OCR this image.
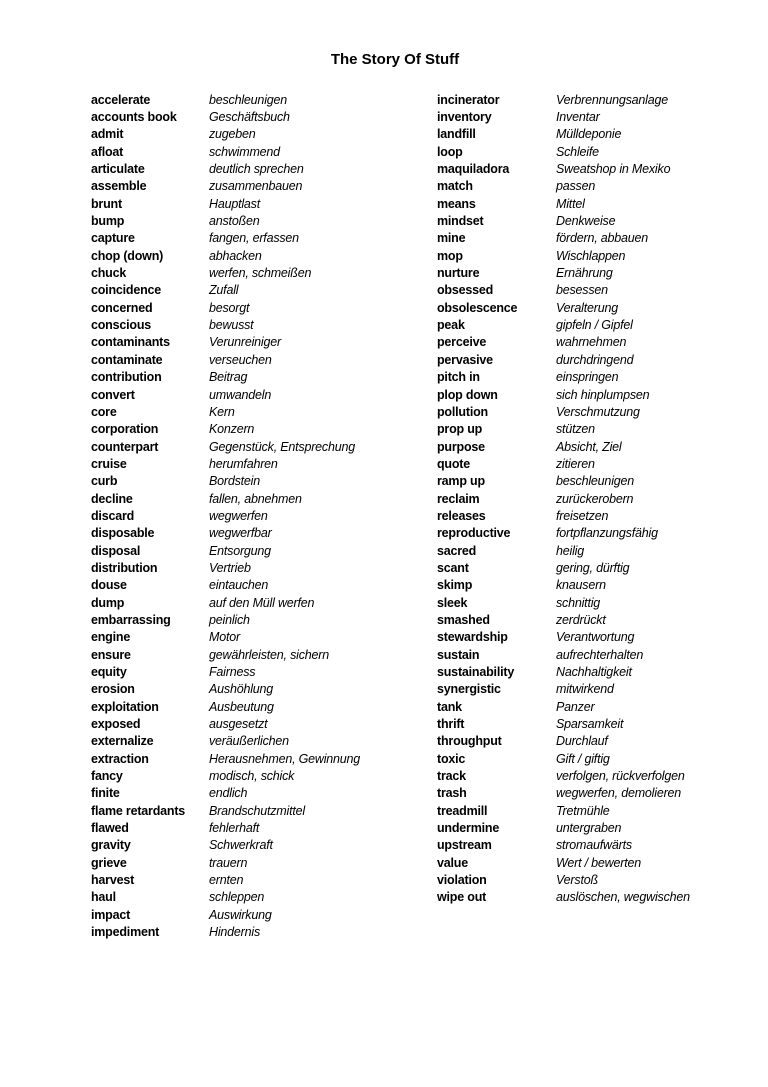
The Story Of Stuff
accelerate	beschleunigen
accounts book	Geschäftsbuch
admit	zugeben
afloat	schwimmend
articulate	deutlich sprechen
assemble	zusammenbauen
brunt	Hauptlast
bump	anstoßen
capture	fangen, erfassen
chop (down)	abhacken
chuck	werfen, schmeißen
coincidence	Zufall
concerned	besorgt
conscious	bewusst
contaminants	Verunreiniger
contaminate	verseuchen
contribution	Beitrag
convert	umwandeln
core	Kern
corporation	Konzern
counterpart	Gegenstück, Entsprechung
cruise	herumfahren
curb	Bordstein
decline	fallen, abnehmen
discard	wegwerfen
disposable	wegwerfbar
disposal	Entsorgung
distribution	Vertrieb
douse	eintauchen
dump	auf den Müll werfen
embarrassing	peinlich
engine	Motor
ensure	gewährleisten, sichern
equity	Fairness
erosion	Aushöhlung
exploitation	Ausbeutung
exposed	ausgesetzt
externalize	veräußerlichen
extraction	Herausnehmen, Gewinnung
fancy	modisch, schick
finite	endlich
flame retardants	Brandschutzmittel
flawed	fehlerhaft
gravity	Schwerkraft
grieve	trauern
harvest	ernten
haul	schleppen
impact	Auswirkung
impediment	Hindernis
incinerator	Verbrennungsanlage
inventory	Inventar
landfill	Mülldeponie
loop	Schleife
maquiladora	Sweatshop in Mexiko
match	passen
means	Mittel
mindset	Denkweise
mine	fördern, abbauen
mop	Wischlappen
nurture	Ernährung
obsessed	besessen
obsolescence	Veralterung
peak	gipfeln / Gipfel
perceive	wahrnehmen
pervasive	durchdringend
pitch in	einspringen
plop down	sich hinplumpsen
pollution	Verschmutzung
prop up	stützen
purpose	Absicht, Ziel
quote	zitieren
ramp up	beschleunigen
reclaim	zurückerobern
releases	freisetzen
reproductive	fortpflanzungsfähig
sacred	heilig
scant	gering, dürftig
skimp	knausern
sleek	schnittig
smashed	zerdrückt
stewardship	Verantwortung
sustain	aufrechterhalten
sustainability	Nachhaltigkeit
synergistic	mitwirkend
tank	Panzer
thrift	Sparsamkeit
throughput	Durchlauf
toxic	Gift / giftig
track	verfolgen, rückverfolgen
trash	wegwerfen, demolieren
treadmill	Tretmühle
undermine	untergraben
upstream	stromaufwärts
value	Wert / bewerten
violation	Verstoß
wipe out	auslöschen, wegwischen
